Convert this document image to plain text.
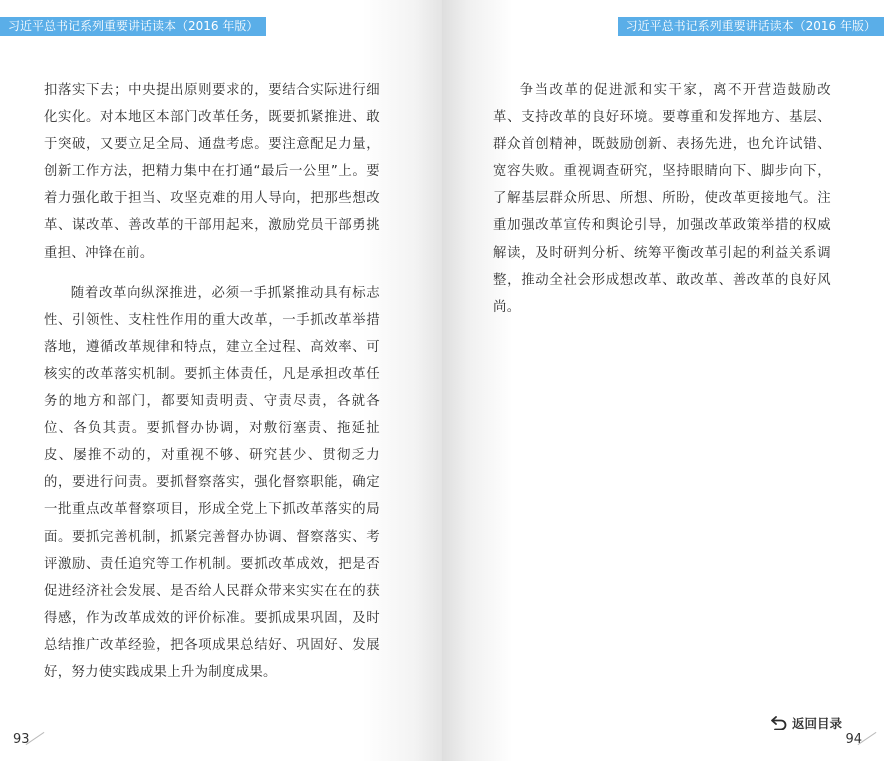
习近平总书记系列重要讲话读本（2016 年版）

扣落实下去；中央提出原则要求的，要结合实际进行细化实化。对本地区本部门改革任务，既要抓紧推进、敢于突破，又要立足全局、通盘考虑。要注意配足力量，创新工作方法，把精力集中在打通“最后一公里”上。要着力强化敢于担当、攻坚克难的用人导向，把那些想改革、谋改革、善改革的干部用起来，激励党员干部勇挑重担、冲锋在前。

随着改革向纵深推进，必须一手抓紧推动具有标志性、引领性、支柱性作用的重大改革，一手抓改革举措落地，遵循改革规律和特点，建立全过程、高效率、可核实的改革落实机制。要抓主体责任，凡是承担改革任务的地方和部门，都要知责明责、守责尽责，各就各位、各负其责。要抓督办协调，对敷衍塞责、拖延扯皮、屡推不动的，对重视不够、研究甚少、贯彻乏力的，要进行问责。要抓督察落实，强化督察职能，确定一批重点改革督察项目，形成全党上下抓改革落实的局面。要抓完善机制，抓紧完善督办协调、督察落实、考评激励、责任追究等工作机制。要抓改革成效，把是否促进经济社会发展、是否给人民群众带来实实在在的获得感，作为改革成效的评价标准。要抓成果巩固，及时总结推广改革经验，把各项成果总结好、巩固好、发展好，努力使实践成果上升为制度成果。

93
习近平总书记系列重要讲话读本（2016 年版）

争当改革的促进派和实干家，离不开营造鼓励改革、支持改革的良好环境。要尊重和发挥地方、基层、群众首创精神，既鼓励创新、表扬先进，也允许试错、宽容失败。重视调查研究，坚持眼睛向下、脚步向下，了解基层群众所思、所想、所盼，使改革更接地气。注重加强改革宣传和舆论引导，加强改革政策举措的权威解读，及时研判分析、统筹平衡改革引起的利益关系调整，推动全社会形成想改革、敢改革、善改革的良好风尚。

返回目录
94
